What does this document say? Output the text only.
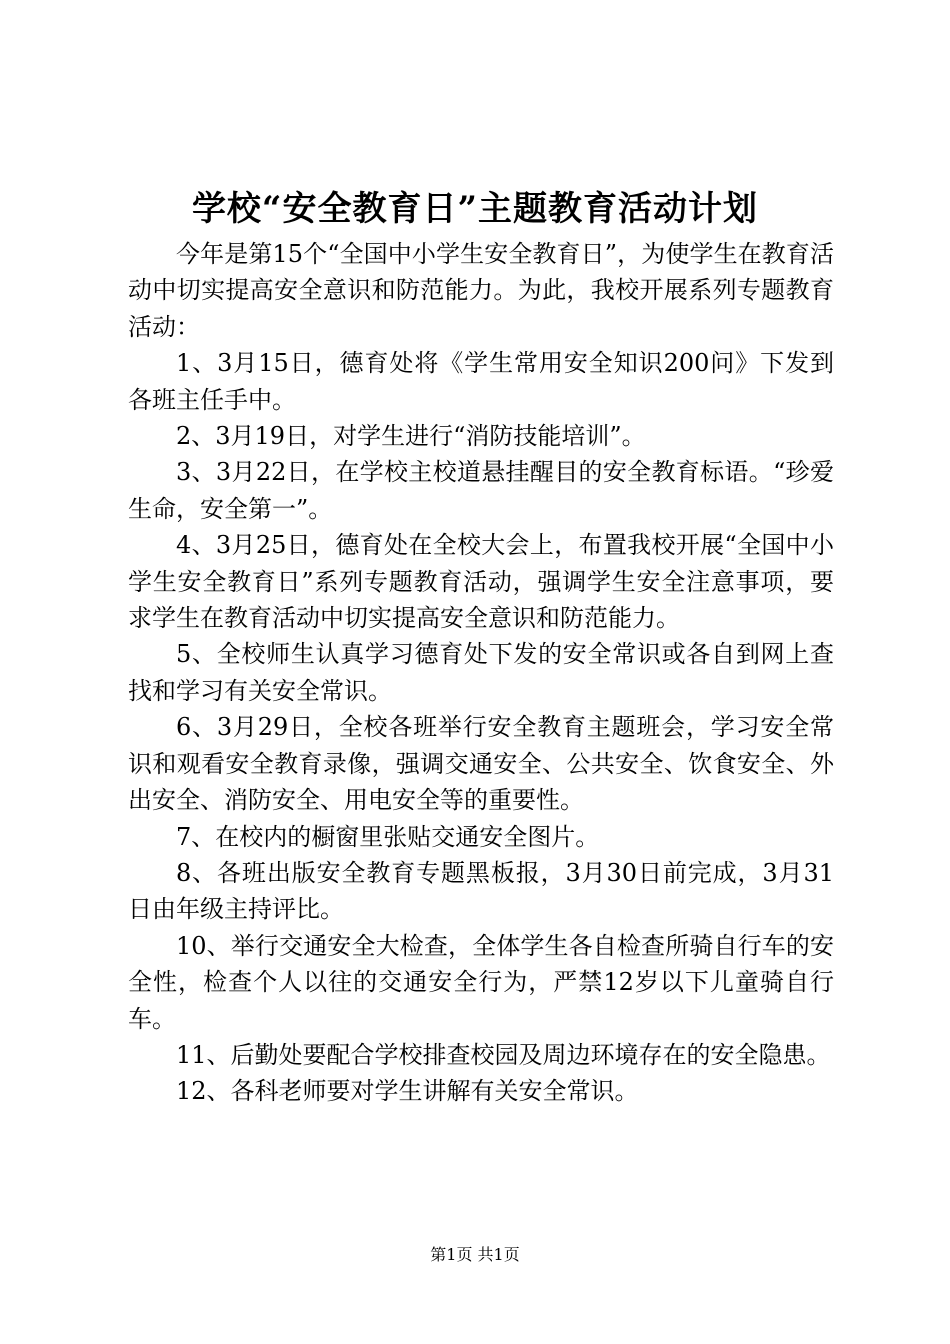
学校“安全教育日”主题教育活动计划

今年是第15个“全国中小学生安全教育日”，为使学生在教育活动中切实提高安全意识和防范能力。为此，我校开展系列专题教育活动：

1、3月15日，德育处将《学生常用安全知识200问》下发到各班主任手中。

2、3月19日，对学生进行“消防技能培训”。

3、3月22日，在学校主校道悬挂醒目的安全教育标语。“珍爱生命，安全第一”。

4、3月25日，德育处在全校大会上，布置我校开展“全国中小学生安全教育日”系列专题教育活动，强调学生安全注意事项，要求学生在教育活动中切实提高安全意识和防范能力。

5、全校师生认真学习德育处下发的安全常识或各自到网上查找和学习有关安全常识。

6、3月29日，全校各班举行安全教育主题班会，学习安全常识和观看安全教育录像，强调交通安全、公共安全、饮食安全、外出安全、消防安全、用电安全等的重要性。

7、在校内的橱窗里张贴交通安全图片。

8、各班出版安全教育专题黑板报，3月30日前完成，3月31日由年级主持评比。

10、举行交通安全大检查，全体学生各自检查所骑自行车的安全性，检查个人以往的交通安全行为，严禁12岁以下儿童骑自行车。

11、后勤处要配合学校排查校园及周边环境存在的安全隐患。

12、各科老师要对学生讲解有关安全常识。

第1页 共1页
